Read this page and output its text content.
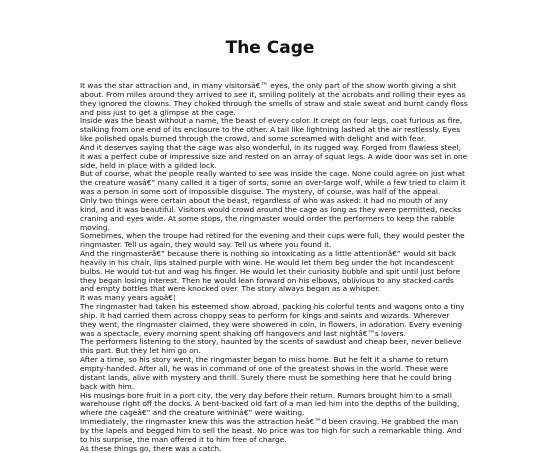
The Cage

It was the star attraction and, in many visitorsâ€™ eyes, the only part of the show worth giving a shit about. From miles around they arrived to see it, smiling politely at the acrobats and rolling their eyes as they ignored the clowns. They choked through the smells of straw and stale sweat and burnt candy floss and piss just to get a glimpse at the cage.

Inside was the beast without a name, the beast of every color. It crept on four legs, coat furious as fire, stalking from one end of its enclosure to the other. A tail like lightning lashed at the air restlessly. Eyes like polished opals burned through the crowd, and some screamed with delight and with fear.

And it deserves saying that the cage was also wonderful, in its rugged way. Forged from flawless steel, it was a perfect cube of impressive size and rested on an array of squat legs. A wide door was set in one side, held in place with a gilded lock.

But of course, what the people really wanted to see was inside the cage. None could agree on just what the creature wasâ€” many called it a tiger of sorts, some an over-large wolf, while a few tried to claim it was a person in some sort of impossible disguise. The mystery, of course, was half of the appeal.

Only two things were certain about the beast, regardless of who was asked: it had no mouth of any kind, and it was beautiful. Visitors would crowd around the cage as long as they were permitted, necks craning and eyes wide. At some stops, the ringmaster would order the performers to keep the rabble moving.

Sometimes, when the troupe had retired for the evening and their cups were full, they would pester the ringmaster. Tell us again, they would say. Tell us where you found it.

And the ringmasterâ€” because there is nothing so intoxicating as a little attentionâ€” would sit back heavily in his chair, lips stained purple with wine. He would let them beg under the hot incandescent bulbs. He would tut-tut and wag his finger. He would let their curiosity bubble and spit until just before they began losing interest. Then he would lean forward on his elbows, oblivious to any stacked cards and empty bottles that were knocked over. The story always began as a whisper.

It was many years agoâ€¦

The ringmaster had taken his esteemed show abroad, packing his colorful tents and wagons onto a tiny ship. It had carried them across choppy seas to perform for kings and saints and wizards. Wherever they went, the ringmaster claimed, they were showered in coin, in flowers, in adoration. Every evening was a spectacle, every morning spent shaking off hangovers and last nightâ€™s lovers.

The performers listening to the story, haunted by the scents of sawdust and cheap beer, never believe this part. But they let him go on.

After a time, so his story went, the ringmaster began to miss home. But he felt it a shame to return empty-handed. After all, he was in command of one of the greatest shows in the world. These were distant lands, alive with mystery and thrill. Surely there must be something here that he could bring back with him.

His musings bore fruit in a port city, the very day before their return. Rumors brought him to a small warehouse right off the docks. A bent-backed old fart of a man led him into the depths of the building, where the cageâ€” and the creature withinâ€” were waiting.

Immediately, the ringmaster knew this was the attraction heâ€™d been craving. He grabbed the man by the lapels and begged him to sell the beast. No price was too high for such a remarkable thing. And to his surprise, the man offered it to him free of charge.

As these things go, there was a catch.
